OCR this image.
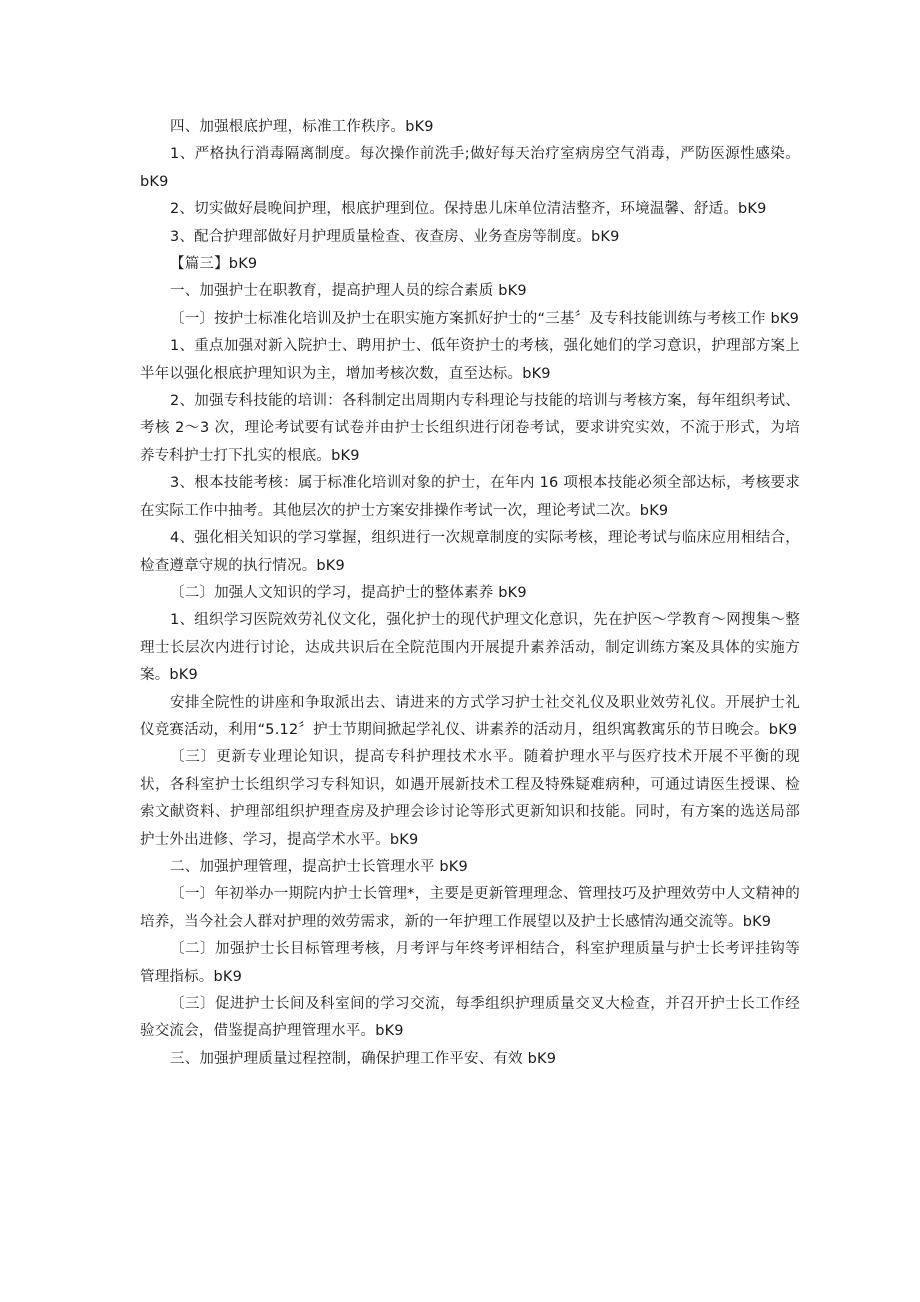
四、加强根底护理，标准工作秩序。bK9

1、严格执行消毒隔离制度。每次操作前洗手;做好每天治疗室病房空气消毒，严防医源性感染。bK9

2、切实做好晨晚间护理，根底护理到位。保持患儿床单位清洁整齐，环境温馨、舒适。bK9

3、配合护理部做好月护理质量检查、夜查房、业务查房等制度。bK9

【篇三】bK9

一、加强护士在职教育，提高护理人员的综合素质 bK9

〔一〕按护士标准化培训及护士在职实施方案抓好护士的“三基〞及专科技能训练与考核工作 bK9

1、重点加强对新入院护士、聘用护士、低年资护士的考核，强化她们的学习意识，护理部方案上半年以强化根底护理知识为主，增加考核次数，直至达标。bK9

2、加强专科技能的培训：各科制定出周期内专科理论与技能的培训与考核方案，每年组织考试、考核 2～3 次，理论考试要有试卷并由护士长组织进行闭卷考试，要求讲究实效，不流于形式，为培养专科护士打下扎实的根底。bK9

3、根本技能考核：属于标准化培训对象的护士，在年内 16 项根本技能必须全部达标，考核要求在实际工作中抽考。其他层次的护士方案安排操作考试一次，理论考试二次。bK9

4、强化相关知识的学习掌握，组织进行一次规章制度的实际考核，理论考试与临床应用相结合，检查遵章守规的执行情况。bK9

〔二〕加强人文知识的学习，提高护士的整体素养 bK9

1、组织学习医院效劳礼仪文化，强化护士的现代护理文化意识，先在护医～学教育～网搜集～整理士长层次内进行讨论，达成共识后在全院范围内开展提升素养活动，制定训练方案及具体的实施方案。bK9

安排全院性的讲座和争取派出去、请进来的方式学习护士社交礼仪及职业效劳礼仪。开展护士礼仪竞赛活动，利用“5.12〞护士节期间掀起学礼仪、讲素养的活动月，组织寓教寓乐的节日晚会。bK9

〔三〕更新专业理论知识，提高专科护理技术水平。随着护理水平与医疗技术开展不平衡的现状，各科室护士长组织学习专科知识，如遇开展新技术工程及特殊疑难病种，可通过请医生授课、检索文献资料、护理部组织护理查房及护理会诊讨论等形式更新知识和技能。同时，有方案的选送局部护士外出进修、学习，提高学术水平。bK9

二、加强护理管理，提高护士长管理水平 bK9

〔一〕年初举办一期院内护士长管理*，主要是更新管理理念、管理技巧及护理效劳中人文精神的培养，当今社会人群对护理的效劳需求，新的一年护理工作展望以及护士长感情沟通交流等。bK9

〔二〕加强护士长目标管理考核，月考评与年终考评相结合，科室护理质量与护士长考评挂钩等管理指标。bK9

〔三〕促进护士长间及科室间的学习交流，每季组织护理质量交叉大检查，并召开护士长工作经验交流会，借鉴提高护理管理水平。bK9

三、加强护理质量过程控制，确保护理工作平安、有效 bK9
